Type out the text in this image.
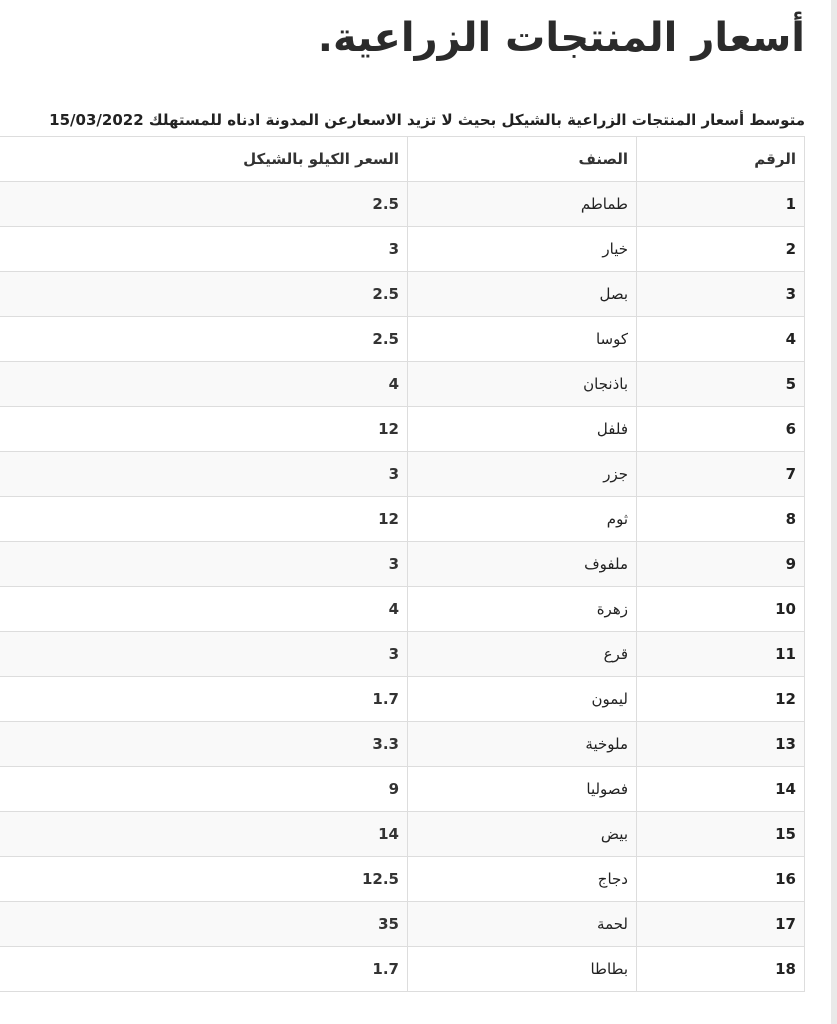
أسعار المنتجات الزراعية.

متوسط أسعار المنتجات الزراعية بالشيكل بحيث لا تزيد الاسعارعن المدونة ادناه للمستهلك 15/03/2022

الرقم	الصنف	السعر الكيلو بالشيكل
1	طماطم	2.5
2	خيار	3
3	بصل	2.5
4	كوسا	2.5
5	باذنجان	4
6	فلفل	12
7	جزر	3
8	ثوم	12
9	ملفوف	3
10	زهرة	4
11	قرع	3
12	ليمون	1.7
13	ملوخية	3.3
14	فصوليا	9
15	بيض	14
16	دجاج	12.5
17	لحمة	35
18	بطاطا	1.7
